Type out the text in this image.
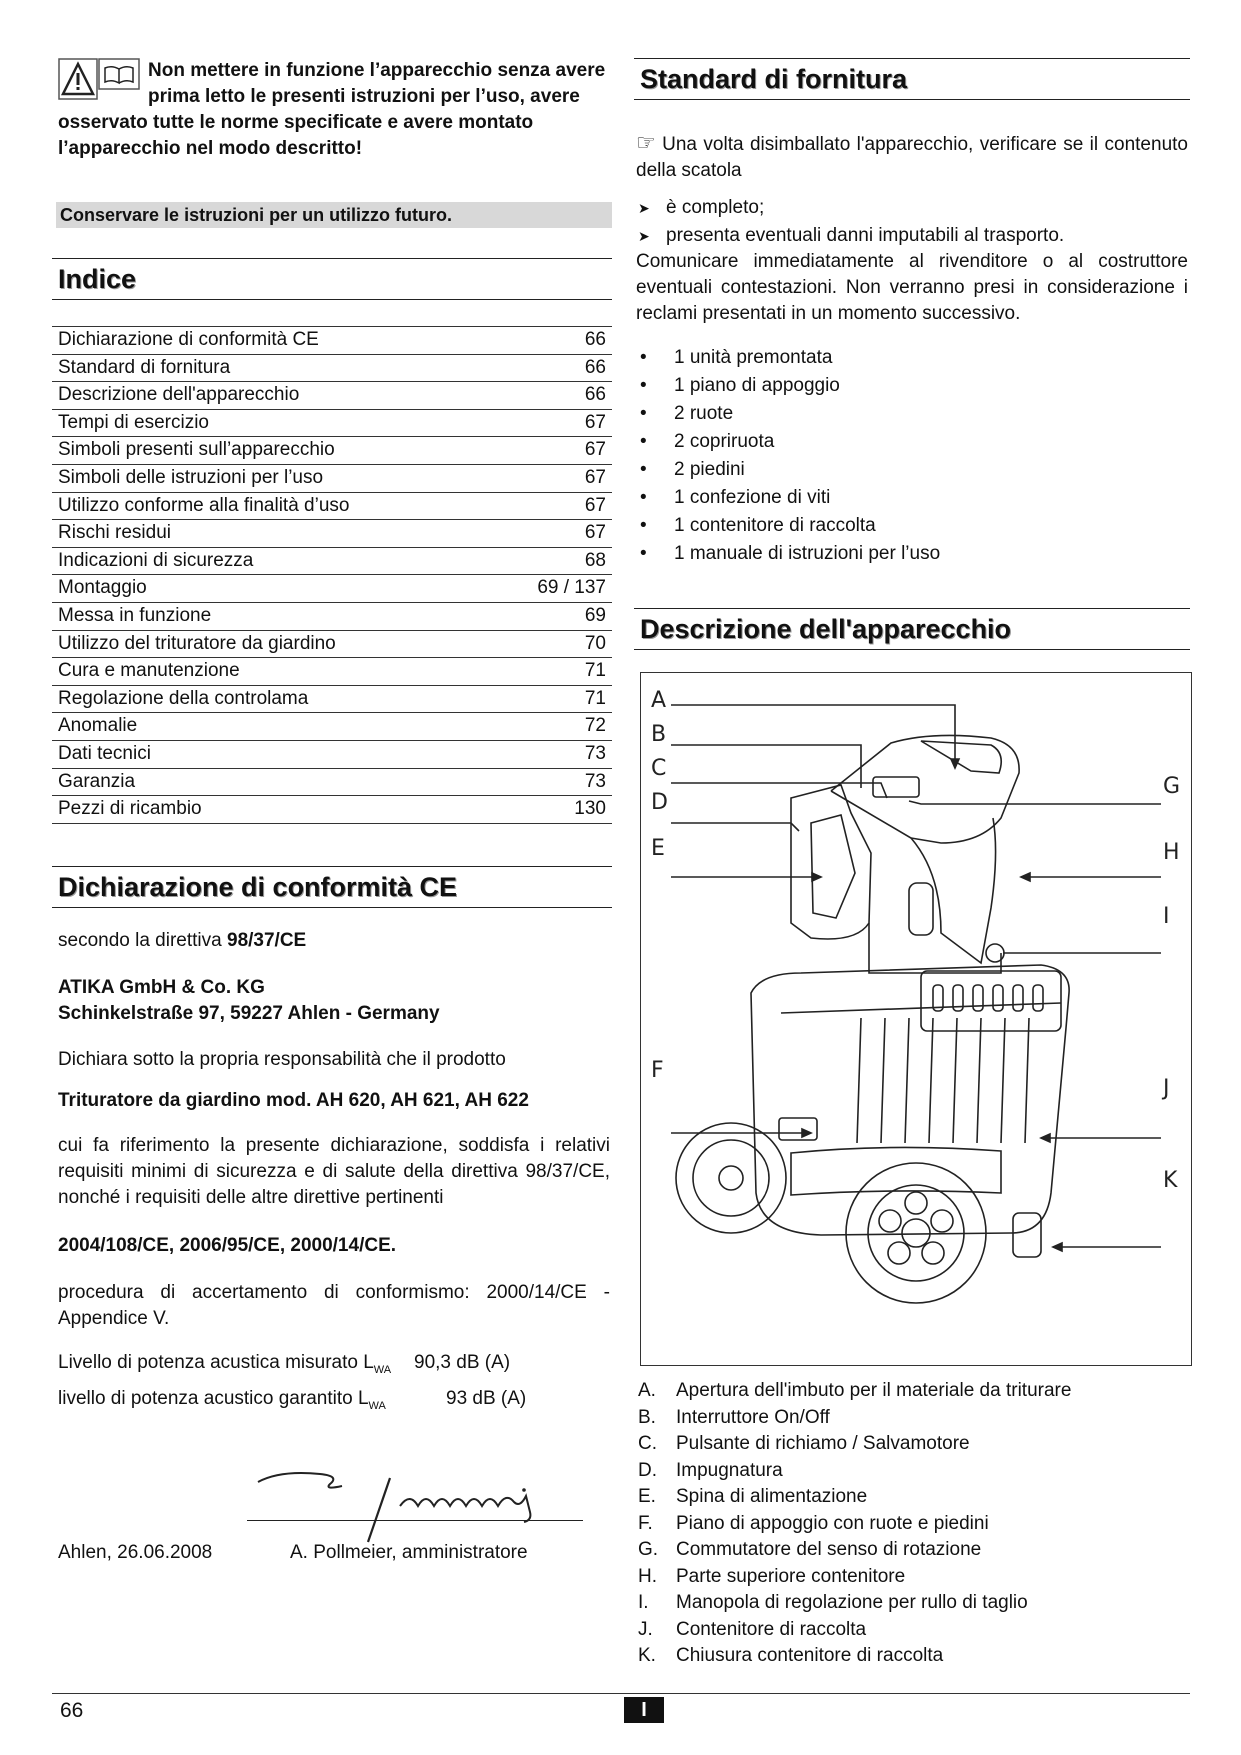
Non mettere in funzione l’apparecchio senza avere prima letto le presenti istruzioni per l’uso, avere osservato tutte le norme specificate e avere montato l’apparecchio nel modo descritto!
Conservare le istruzioni per un utilizzo futuro.
Indice
Dichiarazione di conformità CE	66
Standard di fornitura	66
Descrizione dell'apparecchio	66
Tempi di esercizio	67
Simboli presenti sull’apparecchio	67
Simboli delle istruzioni per l’uso	67
Utilizzo conforme alla finalità d’uso	67
Rischi residui	67
Indicazioni di sicurezza	68
Montaggio	69 / 137
Messa in funzione	69
Utilizzo del trituratore da giardino	70
Cura e manutenzione	71
Regolazione della controlama	71
Anomalie	72
Dati tecnici	73
Garanzia	73
Pezzi di ricambio	130
Dichiarazione di conformità CE
secondo la direttiva 98/37/CE
ATIKA GmbH & Co. KG
Schinkelstraße 97, 59227 Ahlen - Germany
Dichiara sotto la propria responsabilità che il prodotto
Trituratore da giardino mod. AH 620, AH 621, AH 622
cui fa riferimento la presente dichiarazione, soddisfa i relativi requisiti minimi di sicurezza e di salute della direttiva 98/37/CE, nonché i requisiti delle altre direttive pertinenti
2004/108/CE, 2006/95/CE, 2000/14/CE.
procedura di accertamento di conformismo: 2000/14/CE - Appendice V.
Livello di potenza acustica misurato $L_{WA}$ 90,3 dB (A)
livello di potenza acustico garantito $L_{WA}$	93 dB (A)
Ahlen, 26.06.2008	A. Pollmeier, amministratore
Standard di fornitura
☞ Una volta disimballato l'apparecchio, verificare se il contenuto della scatola
➤ è completo;
➤ presenta eventuali danni imputabili al trasporto.
Comunicare immediatamente al rivenditore o al costruttore eventuali contestazioni. Non verranno presi in considerazione i reclami presentati in un momento successivo.
• 1 unità premontata
• 1 piano di appoggio
• 2 ruote
• 2 copriruota
• 2 piedini
• 1 confezione di viti
• 1 contenitore di raccolta
• 1 manuale di istruzioni per l’uso
Descrizione dell'apparecchio
A
B
C
D
E
F
G
H
I
J
K
A. Apertura dell'imbuto per il materiale da triturare
B. Interruttore On/Off
C. Pulsante di richiamo / Salvamotore
D. Impugnatura
E. Spina di alimentazione
F. Piano di appoggio con ruote e piedini
G. Commutatore del senso di rotazione
H. Parte superiore contenitore
I. Manopola di regolazione per rullo di taglio
J. Contenitore di raccolta
K. Chiusura contenitore di raccolta
66	I
